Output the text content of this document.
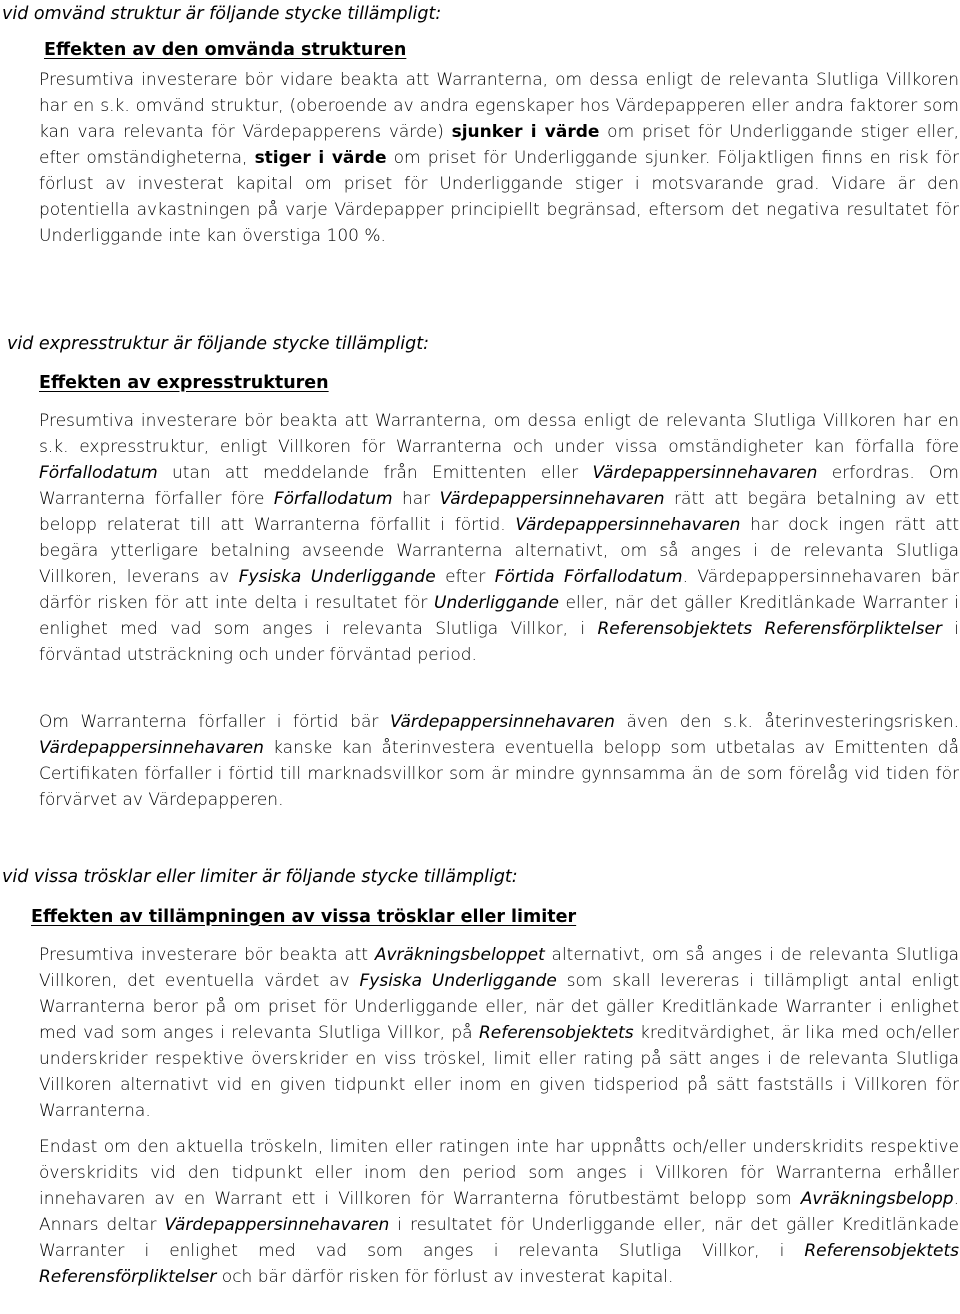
vid omvänd struktur är följande stycke tillämpligt:
Effekten av den omvända strukturen
Presumtiva investerare bör vidare beakta att Warranterna, om dessa enligt de relevanta Slutliga Villkoren har en s.k. omvänd struktur, (oberoende av andra egenskaper hos Värdepapperen eller andra faktorer som kan vara relevanta för Värdepapperens värde) sjunker i värde om priset för Underliggande stiger eller, efter omständigheterna, stiger i värde om priset för Underliggande sjunker. Följaktligen finns en risk för förlust av investerat kapital om priset för Underliggande stiger i motsvarande grad. Vidare är den potentiella avkastningen på varje Värdepapper principiellt begränsad, eftersom det negativa resultatet för Underliggande inte kan överstiga 100 %.
vid expresstruktur är följande stycke tillämpligt:
Effekten av expresstrukturen
Presumtiva investerare bör beakta att Warranterna, om dessa enligt de relevanta Slutliga Villkoren har en s.k. expresstruktur, enligt Villkoren för Warranterna och under vissa omständigheter kan förfalla före Förfallodatum utan att meddelande från Emittenten eller Värdepappersinnehavaren erfordras. Om Warranterna förfaller före Förfallodatum har Värdepappersinnehavaren rätt att begära betalning av ett belopp relaterat till att Warranterna förfallit i förtid. Värdepappersinnehavaren har dock ingen rätt att begära ytterligare betalning avseende Warranterna alternativt, om så anges i de relevanta Slutliga Villkoren, leverans av Fysiska Underliggande efter Förtida Förfallodatum. Värdepappersinnehavaren bär därför risken för att inte delta i resultatet för Underliggande eller, när det gäller Kreditlänkade Warranter i enlighet med vad som anges i relevanta Slutliga Villkor, i Referensobjektets Referensförpliktelser i förväntad utsträckning och under förväntad period.
Om Warranterna förfaller i förtid bär Värdepappersinnehavaren även den s.k. återinvesteringsrisken. Värdepappersinnehavaren kanske kan återinvestera eventuella belopp som utbetalas av Emittenten då Certifikaten förfaller i förtid till marknadsvillkor som är mindre gynnsamma än de som förelåg vid tiden för förvärvet av Värdepapperen.
vid vissa trösklar eller limiter är följande stycke tillämpligt:
Effekten av tillämpningen av vissa trösklar eller limiter
Presumtiva investerare bör beakta att Avräkningsbeloppet alternativt, om så anges i de relevanta Slutliga Villkoren, det eventuella värdet av Fysiska Underliggande som skall levereras i tillämpligt antal enligt Warranterna beror på om priset för Underliggande eller, när det gäller Kreditlänkade Warranter i enlighet med vad som anges i relevanta Slutliga Villkor, på Referensobjektets kreditvärdighet, är lika med och/eller underskrider respektive överskrider en viss tröskel, limit eller rating på sätt anges i de relevanta Slutliga Villkoren alternativt vid en given tidpunkt eller inom en given tidsperiod på sätt fastställs i Villkoren för Warranterna.
Endast om den aktuella tröskeln, limiten eller ratingen inte har uppnåtts och/eller underskridits respektive överskridits vid den tidpunkt eller inom den period som anges i Villkoren för Warranterna erhåller innehavaren av en Warrant ett i Villkoren för Warranterna förutbestämt belopp som Avräkningsbelopp. Annars deltar Värdepappersinnehavaren i resultatet för Underliggande eller, när det gäller Kreditlänkade Warranter i enlighet med vad som anges i relevanta Slutliga Villkor, i Referensobjektets Referensförpliktelser och bär därför risken för förlust av investerat kapital.
